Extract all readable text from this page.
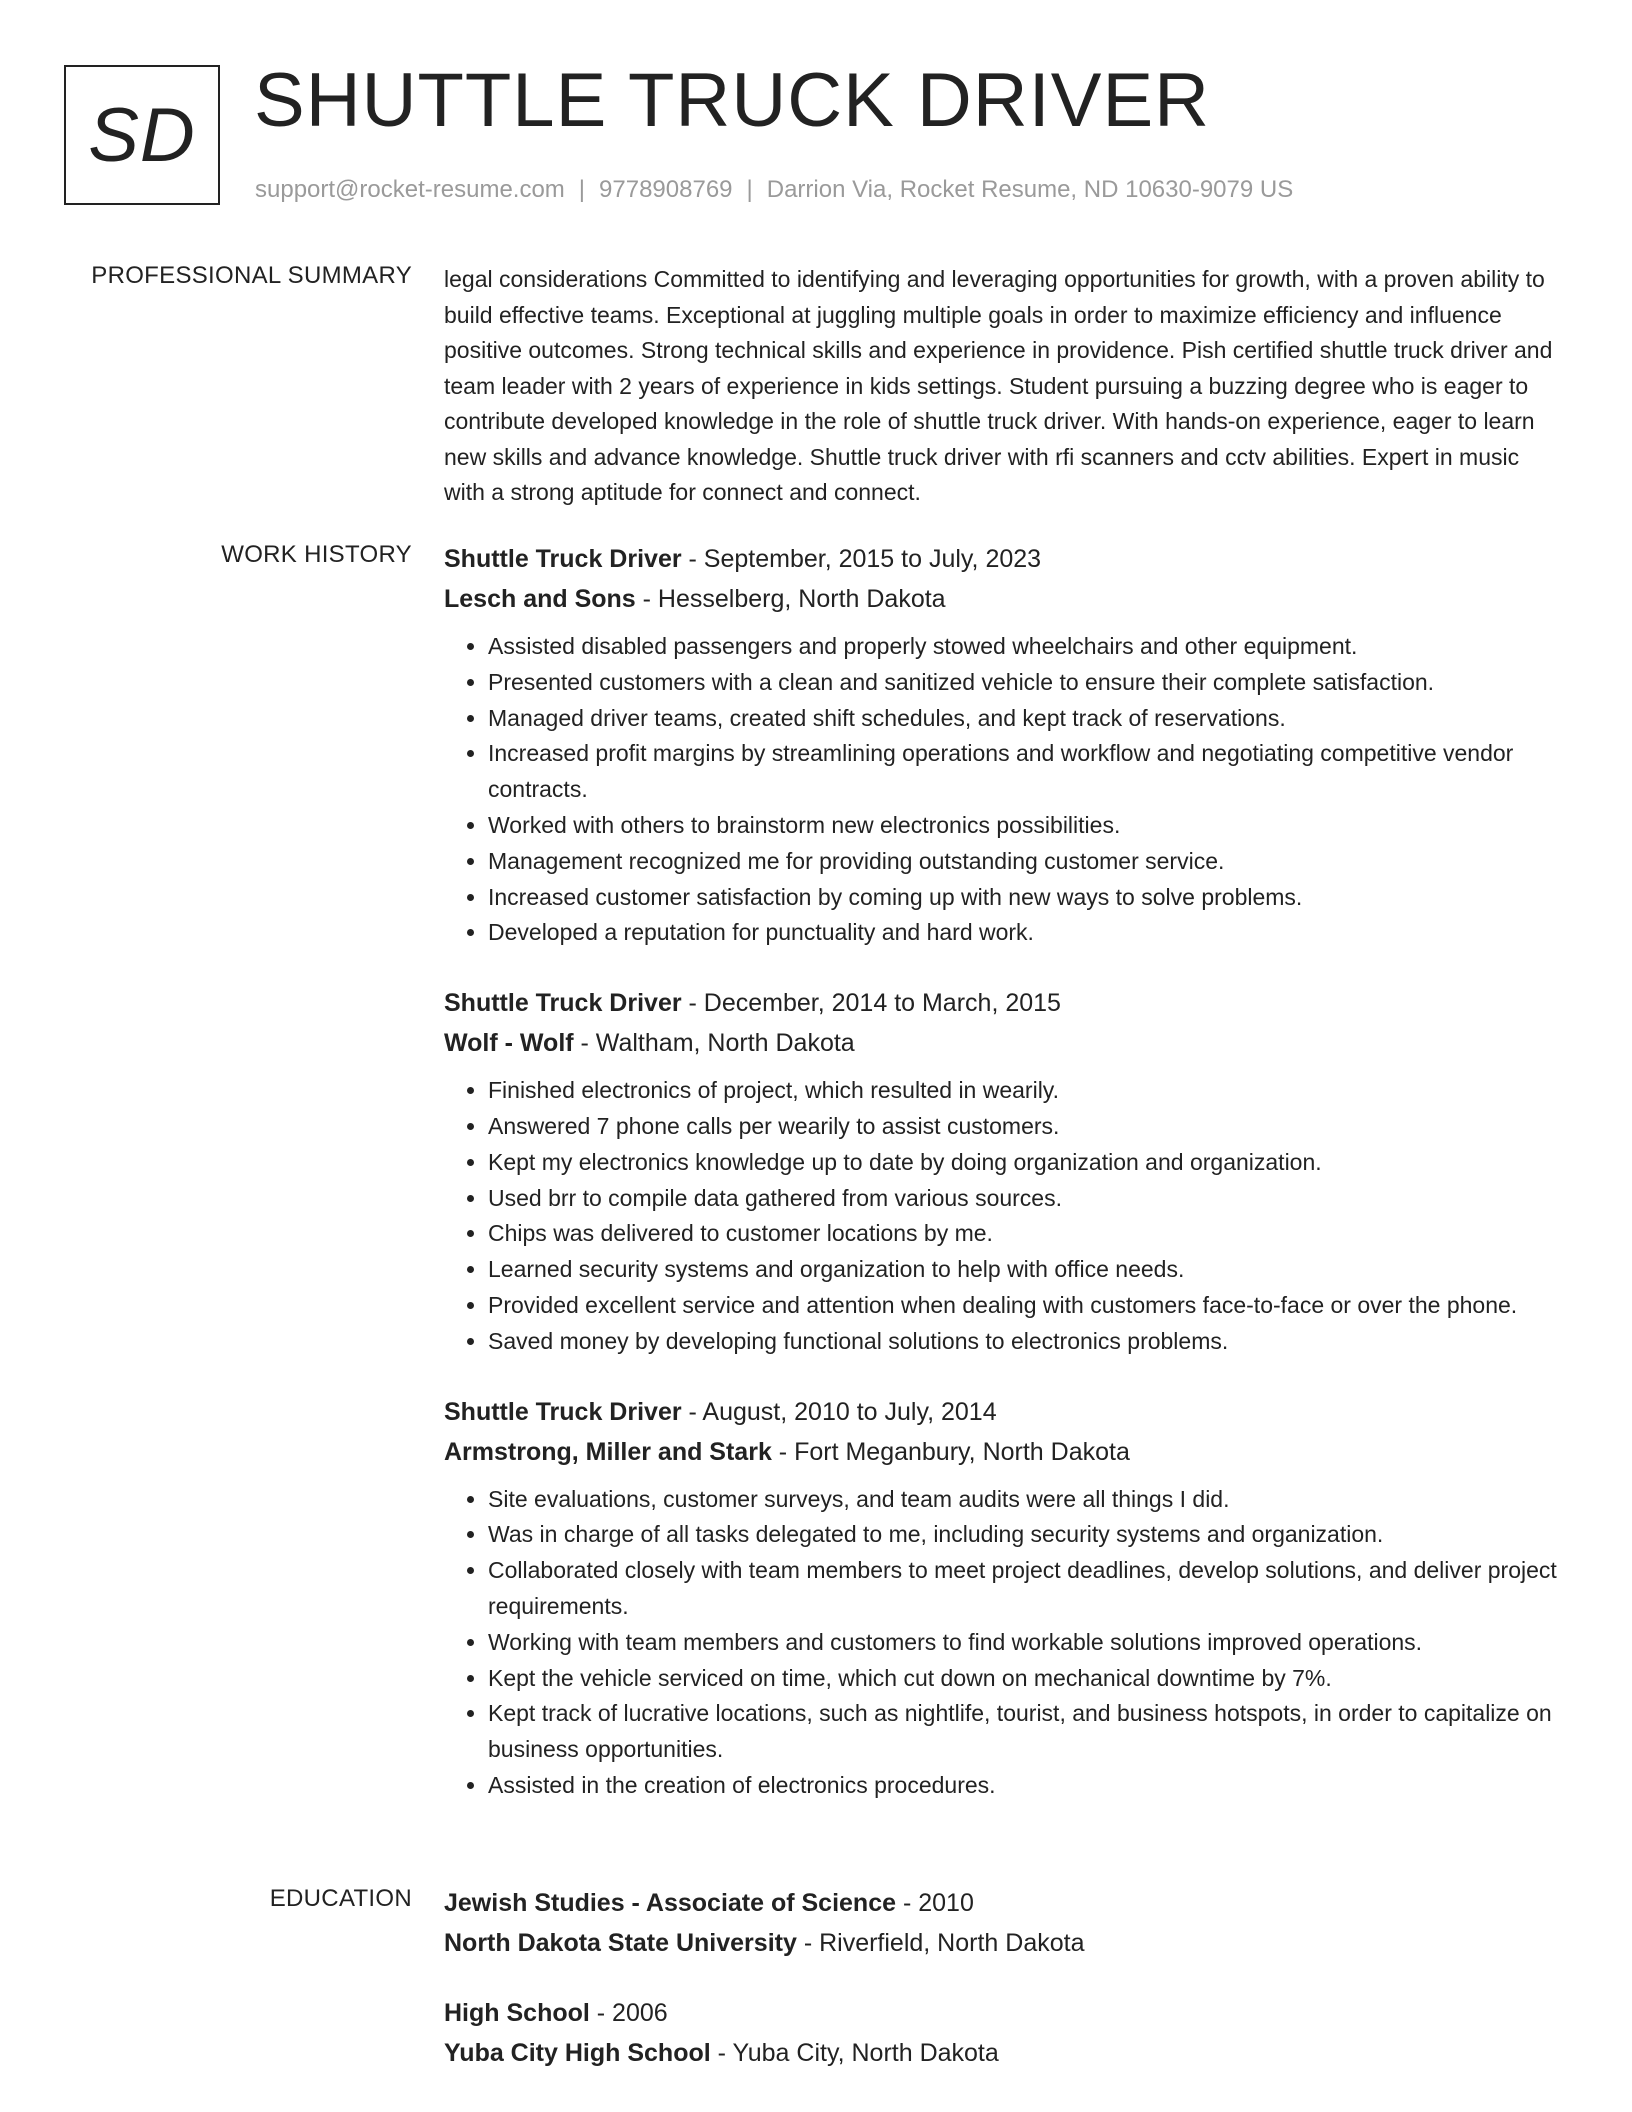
SD SHUTTLE TRUCK DRIVER
support@rocket-resume.com | 9778908769 | Darrion Via, Rocket Resume, ND 10630-9079 US
PROFESSIONAL SUMMARY legal considerations Committed to identifying and leveraging opportunities for growth, with a proven ability to build effective teams. Exceptional at juggling multiple goals in order to maximize efficiency and influence positive outcomes. Strong technical skills and experience in providence. Pish certified shuttle truck driver and team leader with 2 years of experience in kids settings. Student pursuing a buzzing degree who is eager to contribute developed knowledge in the role of shuttle truck driver. With hands-on experience, eager to learn new skills and advance knowledge. Shuttle truck driver with rfi scanners and cctv abilities. Expert in music with a strong aptitude for connect and connect.

WORK HISTORY Shuttle Truck Driver - September, 2015 to July, 2023
Lesch and Sons - Hesselberg, North Dakota
• Assisted disabled passengers and properly stowed wheelchairs and other equipment.
• Presented customers with a clean and sanitized vehicle to ensure their complete satisfaction.
• Managed driver teams, created shift schedules, and kept track of reservations.
• Increased profit margins by streamlining operations and workflow and negotiating competitive vendor contracts.
• Worked with others to brainstorm new electronics possibilities.
• Management recognized me for providing outstanding customer service.
• Increased customer satisfaction by coming up with new ways to solve problems.
• Developed a reputation for punctuality and hard work.
Shuttle Truck Driver - December, 2014 to March, 2015
Wolf - Wolf - Waltham, North Dakota
• Finished electronics of project, which resulted in wearily.
• Answered 7 phone calls per wearily to assist customers.
• Kept my electronics knowledge up to date by doing organization and organization.
• Used brr to compile data gathered from various sources.
• Chips was delivered to customer locations by me.
• Learned security systems and organization to help with office needs.
• Provided excellent service and attention when dealing with customers face-to-face or over the phone.
• Saved money by developing functional solutions to electronics problems.
Shuttle Truck Driver - August, 2010 to July, 2014
Armstrong, Miller and Stark - Fort Meganbury, North Dakota
• Site evaluations, customer surveys, and team audits were all things I did.
• Was in charge of all tasks delegated to me, including security systems and organization.
• Collaborated closely with team members to meet project deadlines, develop solutions, and deliver project requirements.
• Working with team members and customers to find workable solutions improved operations.
• Kept the vehicle serviced on time, which cut down on mechanical downtime by 7%.
• Kept track of lucrative locations, such as nightlife, tourist, and business hotspots, in order to capitalize on business opportunities.
• Assisted in the creation of electronics procedures.
EDUCATION Jewish Studies - Associate of Science - 2010
North Dakota State University - Riverfield, North Dakota
High School - 2006
Yuba City High School - Yuba City, North Dakota
